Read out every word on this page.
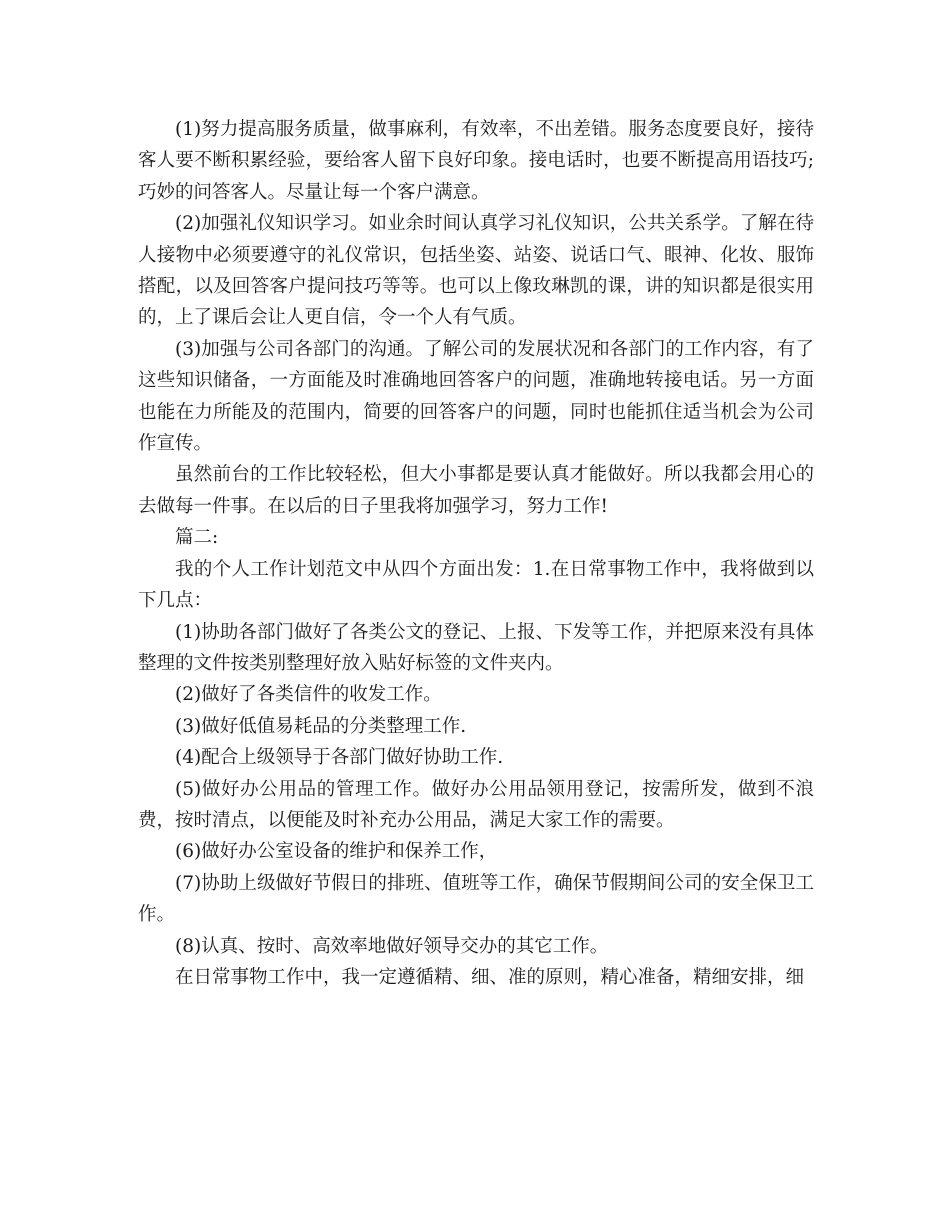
(1)努力提高服务质量，做事麻利，有效率，不出差错。服务态度要良好，接待客人要不断积累经验，要给客人留下良好印象。接电话时，也要不断提高用语技巧;巧妙的问答客人。尽量让每一个客户满意。

(2)加强礼仪知识学习。如业余时间认真学习礼仪知识，公共关系学。了解在待人接物中必须要遵守的礼仪常识，包括坐姿、站姿、说话口气、眼神、化妆、服饰搭配，以及回答客户提问技巧等等。也可以上像玫琳凯的课，讲的知识都是很实用的，上了课后会让人更自信，令一个人有气质。

(3)加强与公司各部门的沟通。了解公司的发展状况和各部门的工作内容，有了这些知识储备，一方面能及时准确地回答客户的问题，准确地转接电话。另一方面也能在力所能及的范围内，简要的回答客户的问题，同时也能抓住适当机会为公司作宣传。

虽然前台的工作比较轻松，但大小事都是要认真才能做好。所以我都会用心的去做每一件事。在以后的日子里我将加强学习，努力工作!

篇二:

我的个人工作计划范文中从四个方面出发：1.在日常事物工作中，我将做到以下几点：

(1)协助各部门做好了各类公文的登记、上报、下发等工作，并把原来没有具体整理的文件按类别整理好放入贴好标签的文件夹内。

(2)做好了各类信件的收发工作。

(3)做好低值易耗品的分类整理工作.

(4)配合上级领导于各部门做好协助工作.

(5)做好办公用品的管理工作。做好办公用品领用登记，按需所发，做到不浪费，按时清点，以便能及时补充办公用品，满足大家工作的需要。

(6)做好办公室设备的维护和保养工作，

(7)协助上级做好节假日的排班、值班等工作，确保节假期间公司的安全保卫工作。

(8)认真、按时、高效率地做好领导交办的其它工作。

在日常事物工作中，我一定遵循精、细、准的原则，精心准备，精细安排，细
